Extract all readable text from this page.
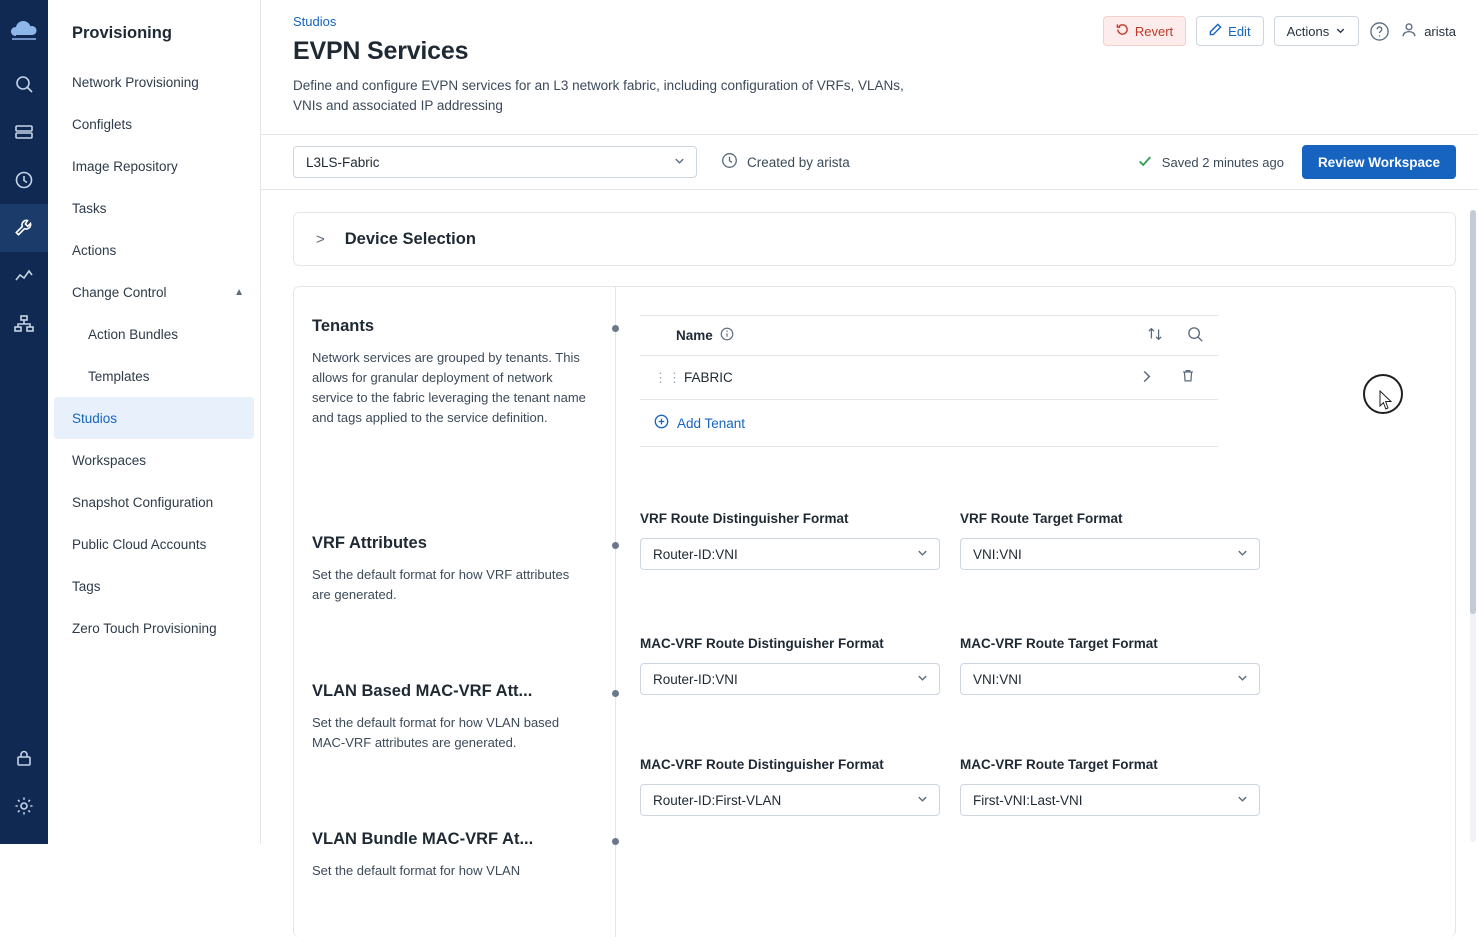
Provisioning
Network Provisioning
Configlets
Image Repository
Tasks
Actions
Change Control	▲
Action Bundles
Templates
Studios
Workspaces
Snapshot Configuration
Public Cloud Accounts
Tags
Zero Touch Provisioning
Studios
EVPN Services
Define and configure EVPN services for an L3 network fabric, including configuration of VRFs, VLANs, VNIs and associated IP addressing
Revert	Edit	Actions	arista
L3LS-Fabric	Created by arista	Saved 2 minutes ago	Review Workspace
> Device Selection
Tenants

Network services are grouped by tenants. This allows for granular deployment of network service to the fabric leveraging the tenant name and tags applied to the service definition.

VRF Attributes

Set the default format for how VRF attributes are generated.

VLAN Based MAC-VRF Att...

Set the default format for how VLAN based MAC-VRF attributes are generated.

VLAN Bundle MAC-VRF At...

Set the default format for how VLAN

Name
⋮⋮ FABRIC
Add Tenant
VRF Route Distinguisher Format
Router-ID:VNI
VRF Route Target Format
VNI:VNI
MAC-VRF Route Distinguisher Format
Router-ID:VNI
MAC-VRF Route Target Format
VNI:VNI
MAC-VRF Route Distinguisher Format
Router-ID:First-VLAN
MAC-VRF Route Target Format
First-VNI:Last-VNI
